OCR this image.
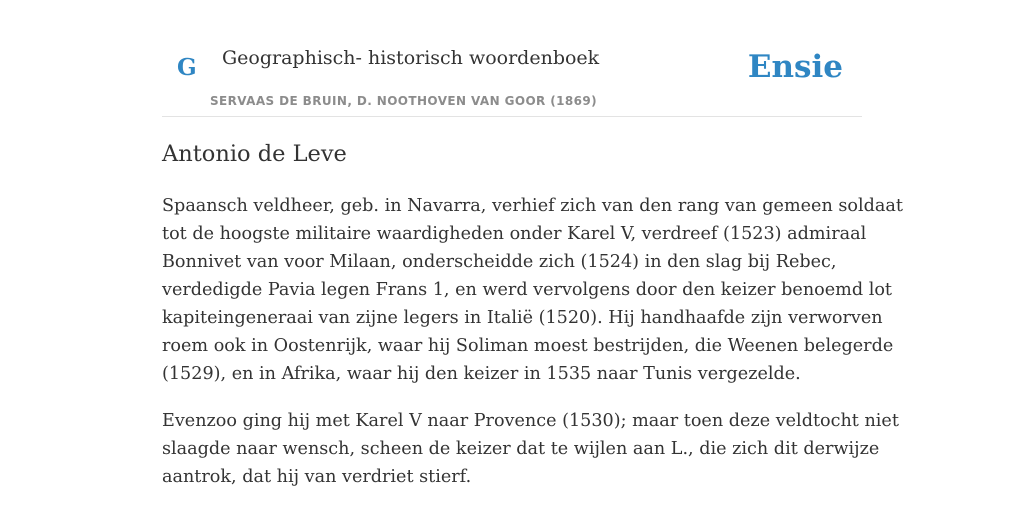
G Geographisch- historisch woordenboek
SERVAAS DE BRUIN, D. NOOTHOVEN VAN GOOR (1869)
Ensie
Antonio de Leve

Spaansch veldheer, geb. in Navarra, verhief zich van den rang van gemeen soldaat
tot de hoogste militaire waardigheden onder Karel V, verdreef (1523) admiraal
Bonnivet van voor Milaan, onderscheidde zich (1524) in den slag bij Rebec,
verdedigde Pavia legen Frans 1, en werd vervolgens door den keizer benoemd lot
kapiteingeneraai van zijne legers in Italië (1520). Hij handhaafde zijn verworven
roem ook in Oostenrijk, waar hij Soliman moest bestrijden, die Weenen belegerde
(1529), en in Afrika, waar hij den keizer in 1535 naar Tunis vergezelde.

Evenzoo ging hij met Karel V naar Provence (1530); maar toen deze veldtocht niet
slaagde naar wensch, scheen de keizer dat te wijlen aan L., die zich dit derwijze
aantrok, dat hij van verdriet stierf.
